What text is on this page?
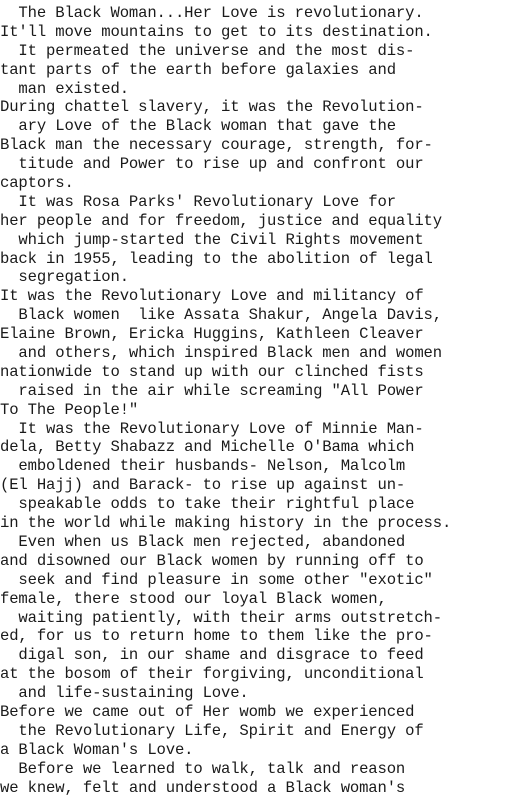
The Black Woman...Her Love is revolutionary.
It'll move mountains to get to its destination.
It permeated the universe and the most dis-
tant parts of the earth before galaxies and
man existed.
During chattel slavery, it was the Revolution-
ary Love of the Black woman that gave the
Black man the necessary courage, strength, for-
titude and Power to rise up and confront our
captors.
It was Rosa Parks' Revolutionary Love for
her people and for freedom, justice and equality
which jump-started the Civil Rights movement
back in 1955, leading to the abolition of legal
segregation.
It was the Revolutionary Love and militancy of
Black women  like Assata Shakur, Angela Davis,
Elaine Brown, Ericka Huggins, Kathleen Cleaver
and others, which inspired Black men and women
nationwide to stand up with our clinched fists
raised in the air while screaming "All Power
To The People!"
It was the Revolutionary Love of Minnie Man-
dela, Betty Shabazz and Michelle O'Bama which
emboldened their husbands- Nelson, Malcolm
(El Hajj) and Barack- to rise up against un-
speakable odds to take their rightful place
in the world while making history in the process.
Even when us Black men rejected, abandoned
and disowned our Black women by running off to
seek and find pleasure in some other "exotic"
female, there stood our loyal Black women,
waiting patiently, with their arms outstretch-
ed, for us to return home to them like the pro-
digal son, in our shame and disgrace to feed
at the bosom of their forgiving, unconditional
and life-sustaining Love.
Before we came out of Her womb we experienced
the Revolutionary Life, Spirit and Energy of
a Black Woman's Love.
Before we learned to walk, talk and reason
we knew, felt and understood a Black woman's
